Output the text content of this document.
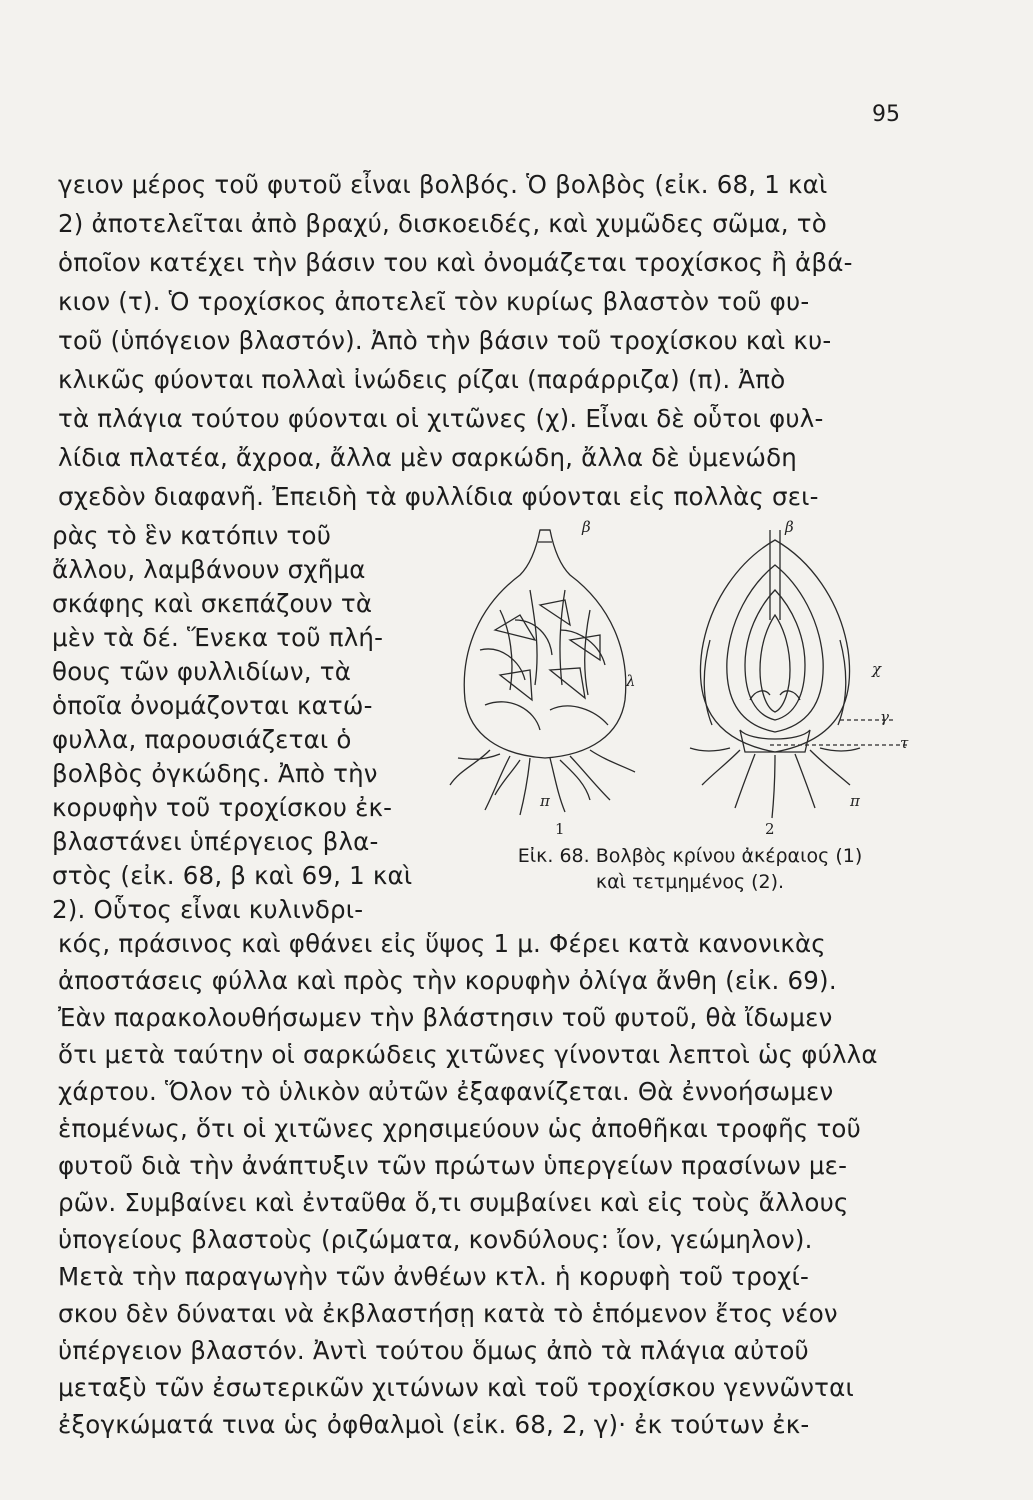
95
γειον μέρος τοῦ φυτοῦ εἶναι βολβός. Ὁ βολβὸς (εἰκ. 68, 1 καὶ
2) ἀποτελεῖται ἀπὸ βραχύ, δισκοειδές, καὶ χυμῶδες σῶμα, τὸ
ὁποῖον κατέχει τὴν βάσιν του καὶ ὀνομάζεται τροχίσκος ἢ ἀβά-
κιον (τ). Ὁ τροχίσκος ἀποτελεῖ τὸν κυρίως βλαστὸν τοῦ φυ-
τοῦ (ὑπόγειον βλαστόν). Ἀπὸ τὴν βάσιν τοῦ τροχίσκου καὶ κυ-
κλικῶς φύονται πολλαὶ ἰνώδεις ρίζαι (παράρριζα) (π). Ἀπὸ
τὰ πλάγια τούτου φύονται οἱ χιτῶνες (χ). Εἶναι δὲ οὗτοι φυλ-
λίδια πλατέα, ἄχροα, ἄλλα μὲν σαρκώδη, ἄλλα δὲ ὑμενώδη
σχεδὸν διαφανῆ. Ἐπειδὴ τὰ φυλλίδια φύονται εἰς πολλὰς σει-
ρὰς τὸ ἓν κατόπιν τοῦ
ἄλλου, λαμβάνουν σχῆμα
σκάφης καὶ σκεπάζουν τὰ
μὲν τὰ δέ. Ἕνεκα τοῦ πλή-
θους τῶν φυλλιδίων, τὰ
ὁποῖα ὀνομάζονται κατώ-
φυλλα, παρουσιάζεται ὁ
βολβὸς ὀγκώδης. Ἀπὸ τὴν
κορυφὴν τοῦ τροχίσκου ἐκ-
βλαστάνει ὑπέργειος βλα-
στὸς (εἰκ. 68, β καὶ 69, 1 καὶ
2). Οὗτος εἶναι κυλινδρι-
κός, πράσινος καὶ φθάνει εἰς ὕψος 1 μ. Φέρει κατὰ κανονικὰς
ἀποστάσεις φύλλα καὶ πρὸς τὴν κορυφὴν ὀλίγα ἄνθη (εἰκ. 69).
Ἐὰν παρακολουθήσωμεν τὴν βλάστησιν τοῦ φυτοῦ, θὰ ἴδωμεν
ὅτι μετὰ ταύτην οἱ σαρκώδεις χιτῶνες γίνονται λεπτοὶ ὡς φύλλα
χάρτου. Ὅλον τὸ ὑλικὸν αὐτῶν ἐξαφανίζεται. Θὰ ἐννοήσωμεν
ἑπομένως, ὅτι οἱ χιτῶνες χρησιμεύουν ὡς ἀποθῆκαι τροφῆς τοῦ
φυτοῦ διὰ τὴν ἀνάπτυξιν τῶν πρώτων ὑπεργείων πρασίνων με-
ρῶν. Συμβαίνει καὶ ἐνταῦθα ὅ,τι συμβαίνει καὶ εἰς τοὺς ἄλλους
ὑπογείους βλαστοὺς (ριζώματα, κονδύλους: ἴον, γεώμηλον).
Μετὰ τὴν παραγωγὴν τῶν ἀνθέων κτλ. ἡ κορυφὴ τοῦ τροχί-
σκου δὲν δύναται νὰ ἐκβλαστήσῃ κατὰ τὸ ἑπόμενον ἔτος νέον
ὑπέργειον βλαστόν. Ἀντὶ τούτου ὅμως ἀπὸ τὰ πλάγια αὐτοῦ
μεταξὺ τῶν ἐσωτερικῶν χιτώνων καὶ τοῦ τροχίσκου γεννῶνται
ἐξογκώματά τινα ὡς ὀφθαλμοὶ (εἰκ. 68, 2, γ)· ἐκ τούτων ἐκ-
β	β
λ
χ
γ
τ
π	π
1	2
Εἰκ. 68. Βολβὸς κρίνου ἀκέραιος (1)
καὶ τετμημένος (2).
